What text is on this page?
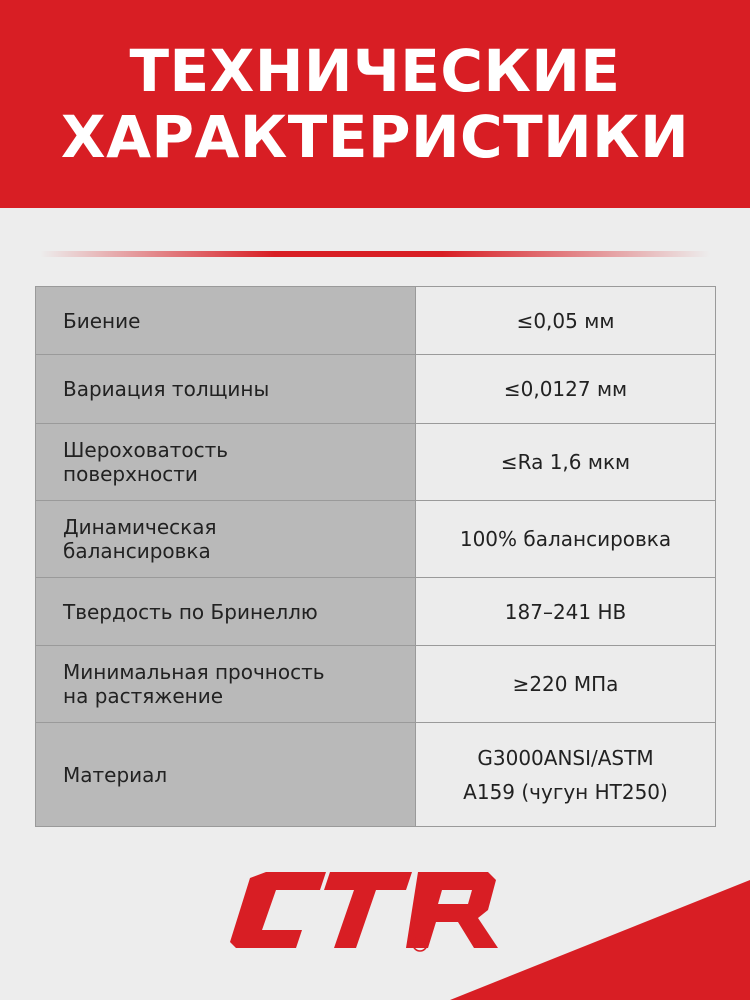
ТЕХНИЧЕСКИЕ
ХАРАКТЕРИСТИКИ
Биение	≤0,05 мм
Вариация толщины	≤0,0127 мм

Шероховатость
поверхности	≤Ra 1,6 мкм

Динамическая
балансировка	100% балансировка
Твердость по Бринеллю	187–241 HB

Минимальная прочность
на растяжение	≥220 МПа
Материал	G3000ANSI/ASTM
A159 (чугун HT250)
